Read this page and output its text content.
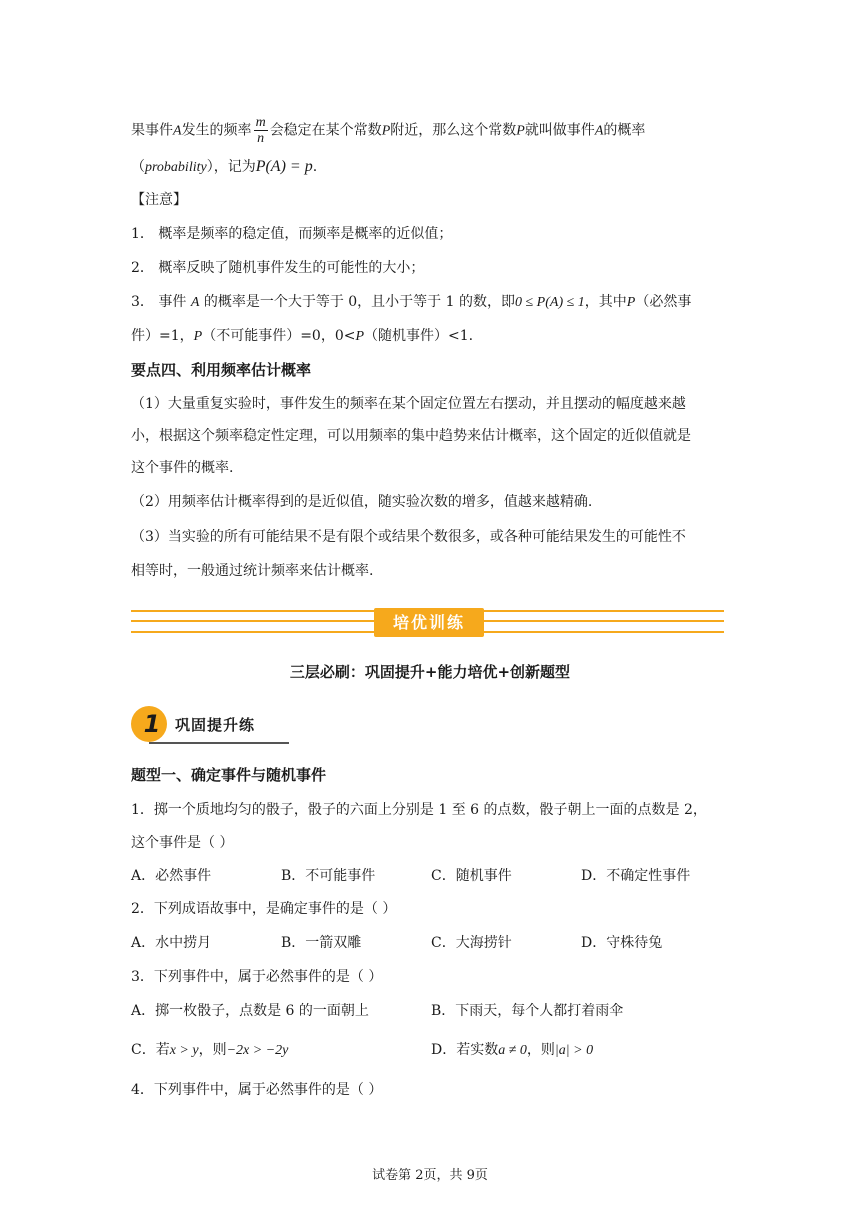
果事件A发生的频率 $\frac{m}{n}$ 会稳定在某个常数P附近，那么这个常数P就叫做事件A的概率
（probability），记为P(A) = p.
【注意】
1． 概率是频率的稳定值，而频率是概率的近似值；
2． 概率反映了随机事件发生的可能性的大小；
3． 事件 A 的概率是一个大于等于 0，且小于等于 1 的数，即0 ≤ P(A) ≤ 1，其中P（必然事
件）=1，P（不可能事件）=0，0<P（随机事件）<1.
要点四、利用频率估计概率
（1）大量重复实验时，事件发生的频率在某个固定位置左右摆动，并且摆动的幅度越来越
小，根据这个频率稳定性定理，可以用频率的集中趋势来估计概率，这个固定的近似值就是
这个事件的概率.
（2）用频率估计概率得到的是近似值，随实验次数的增多，值越来越精确.
（3）当实验的所有可能结果不是有限个或结果个数很多，或各种可能结果发生的可能性不
相等时，一般通过统计频率来估计概率.
培优训练
三层必刷：巩固提升+能力培优+创新题型
1 巩固提升练
题型一、确定事件与随机事件
1．掷一个质地均匀的骰子，骰子的六面上分别是 1 至 6 的点数，骰子朝上一面的点数是 2，
这个事件是（ ）
A．必然事件	B．不可能事件	C．随机事件	D．不确定性事件
2．下列成语故事中，是确定事件的是（ ）
A．水中捞月	B．一箭双雕	C．大海捞针	D．守株待兔
3．下列事件中，属于必然事件的是（ ）
A．掷一枚骰子，点数是 6 的一面朝上	B．下雨天，每个人都打着雨伞
C．若x > y，则−2x > −2y	D．若实数a ≠ 0，则|a| > 0
4．下列事件中，属于必然事件的是（ ）
试卷第 2页，共 9页
